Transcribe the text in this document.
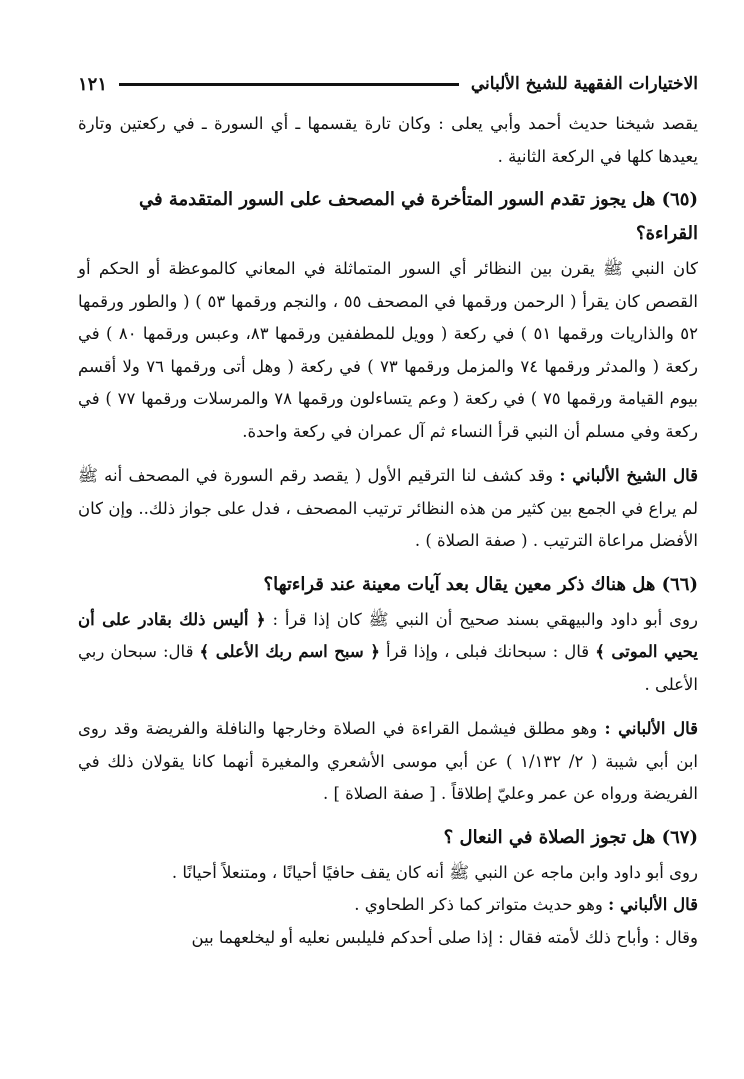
الاختيارات الفقهية للشيخ الألباني
١٢١

يقصد شيخنا حديث أحمد وأبي يعلى : وكان تارة يقسمها ـ أي السورة ـ في ركعتين وتارة يعيدها كلها في الركعة الثانية .

(٦٥) هل يجوز تقدم السور المتأخرة في المصحف على السور المتقدمة في القراءة؟

كان النبي ﷺ يقرن بين النظائر أي السور المتماثلة في المعاني كالموعظة أو الحكم أو القصص كان يقرأ ( الرحمن ورقمها في المصحف ٥٥ ، والنجم ورقمها ٥٣ ) ( والطور ورقمها ٥٢ والذاريات ورقمها ٥١ ) في ركعة ( وويل للمطففين ورقمها ٨٣، وعبس ورقمها ٨٠ ) في ركعة ( والمدثر ورقمها ٧٤ والمزمل ورقمها ٧٣ ) في ركعة ( وهل أتى ورقمها ٧٦ ولا أقسم بيوم القيامة ورقمها ٧٥ ) في ركعة ( وعم يتساءلون ورقمها ٧٨ والمرسلات ورقمها ٧٧ ) في ركعة وفي مسلم أن النبي قرأ النساء ثم آل عمران في ركعة واحدة.

قال الشيخ الألباني : وقد كشف لنا الترقيم الأول ( يقصد رقم السورة في المصحف أنه ﷺ لم يراع في الجمع بين كثير من هذه النظائر ترتيب المصحف ، فدل على جواز ذلك.. وإن كان الأفضل مراعاة الترتيب . ( صفة الصلاة ) .

(٦٦) هل هناك ذكر معين يقال بعد آيات معينة عند قراءتها؟

روى أبو داود والبيهقي بسند صحيح أن النبي ﷺ كان إذا قرأ : ﴿ أليس ذلك بقادر على أن يحيي الموتى ﴾ قال : سبحانك فبلى ، وإذا قرأ ﴿ سبح اسم ربك الأعلى ﴾ قال: سبحان ربي الأعلى .

قال الألباني : وهو مطلق فيشمل القراءة في الصلاة وخارجها والنافلة والفريضة وقد روى ابن أبي شيبة ( ٢/ ١/١٣٢ ) عن أبي موسى الأشعري والمغيرة أنهما كانا يقولان ذلك في الفريضة ورواه عن عمر وعليّ إطلاقاً . [ صفة الصلاة ] .

(٦٧) هل تجوز الصلاة في النعال ؟

روى أبو داود وابن ماجه عن النبي ﷺ أنه كان يقف حافيًا أحيانًا ، ومتنعلاً أحيانًا .

قال الألباني : وهو حديث متواتر كما ذكر الطحاوي .

وقال : وأباح ذلك لأمته فقال : إذا صلى أحدكم فليلبس نعليه أو ليخلعهما بين
